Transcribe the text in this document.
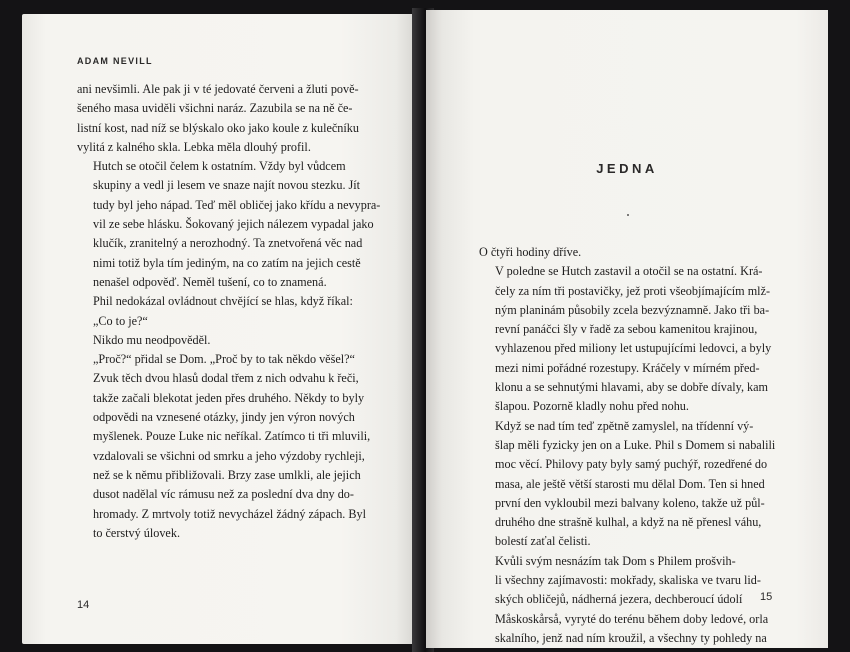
ADAM NEVILL
ani nevšimli. Ale pak ji v té jedovaté červeni a žluti pově-
šeného masa uviděli všichni naráz. Zazubila se na ně če-
listní kost, nad níž se blýskalo oko jako koule z kulečníku
vylitá z kalného skla. Lebka měla dlouhý profil.
Hutch se otočil čelem k ostatním. Vždy byl vůdcem
skupiny a vedl ji lesem ve snaze najít novou stezku. Jít
tudy byl jeho nápad. Teď měl obličej jako křídu a nevypra-
vil ze sebe hlásku. Šokovaný jejich nálezem vypadal jako
klučík, zranitelný a nerozhodný. Ta znetvořená věc nad
nimi totiž byla tím jediným, na co zatím na jejich cestě
nenašel odpověď. Neměl tušení, co to znamená.
Phil nedokázal ovládnout chvějící se hlas, když říkal:
„Co to je?“
Nikdo mu neodpověděl.
„Proč?“ přidal se Dom. „Proč by to tak někdo věšel?“
Zvuk těch dvou hlasů dodal třem z nich odvahu k řeči,
takže začali blekotat jeden přes druhého. Někdy to byly
odpovědi na vznesené otázky, jindy jen výron nových
myšlenek. Pouze Luke nic neříkal. Zatímco ti tři mluvili,
vzdalovali se všichni od smrku a jeho výzdoby rychleji,
než se k němu přibližovali. Brzy zase umlkli, ale jejich
dusot nadělal víc rámusu než za poslední dva dny do-
hromady. Z mrtvoly totiž nevycházel žádný zápach. Byl
to čerstvý úlovek.
14
JEDNA
O čtyři hodiny dříve.
V poledne se Hutch zastavil a otočil se na ostatní. Krá-
čely za ním tři postavičky, jež proti všeobjímajícím mlž-
ným planinám působily zcela bezvýznamně. Jako tři ba-
revní panáčci šly v řadě za sebou kamenitou krajinou,
vyhlazenou před miliony let ustupujícími ledovci, a byly
mezi nimi pořádné rozestupy. Kráčely v mírném před-
klonu a se sehnutými hlavami, aby se dobře dívaly, kam
šlapou. Pozorně kladly nohu před nohu.
Když se nad tím teď zpětně zamyslel, na třídenní vý-
šlap měli fyzicky jen on a Luke. Phil s Domem si nabalili
moc věcí. Philovy paty byly samý puchýř, rozedřené do
masa, ale ještě větší starosti mu dělal Dom. Ten si hned
první den vykloubil mezi balvany koleno, takže už půl-
druhého dne strašně kulhal, a když na ně přenesl váhu,
bolestí zaťal čelisti.
Kvůli svým nesnázím tak Dom s Philem prošvih-
li všechny zajímavosti: mokřady, skaliska ve tvaru lid-
ských obličejů, nádherná jezera, dechberoucí údolí
Måskoskårså, vyryté do terénu během doby ledové, orla
skalního, jenž nad ním kroužil, a všechny ty pohledy na
15
